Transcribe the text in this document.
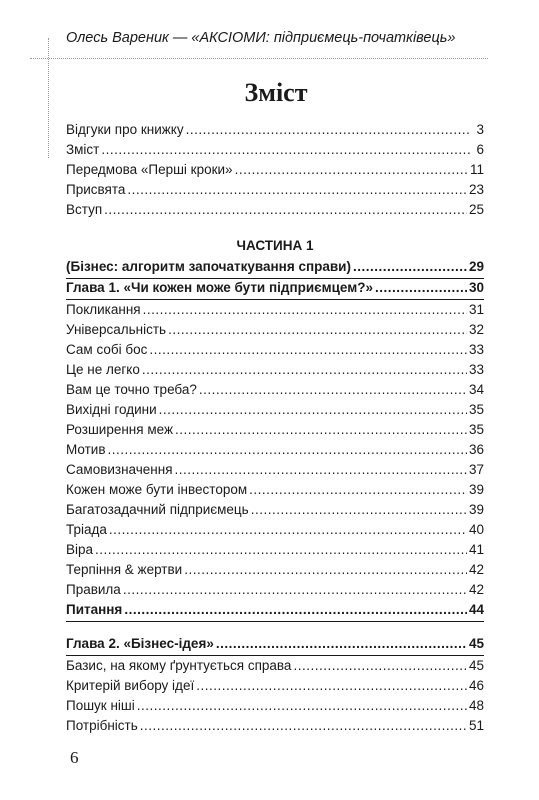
Олесь Вареник — «АКСІОМИ: підприємець-початківець»
Зміст
Відгуки про книжку .....	3
Зміст .....	6
Передмова «Перші кроки» .....	11
Присвята .....	23
Вступ .....	25
ЧАСТИНА 1
(Бізнес: алгоритм започаткування справи) .....	29
Глава 1. «Чи кожен може бути підприємцем?» .....	30
Покликання .....	31
Універсальність .....	32
Сам собі бос .....	33
Це не легко .....	33
Вам це точно треба? .....	34
Вихідні години .....	35
Розширення меж .....	35
Мотив .....	36
Самовизначення .....	37
Кожен може бути інвестором .....	39
Багатозадачний підприємець .....	39
Тріада .....	40
Віра .....	41
Терпіння & жертви .....	42
Правила .....	42
Питання .....	44
Глава 2. «Бізнес-ідея» .....	45
Базис, на якому ґрунтується справа .....	45
Критерій вибору ідеї .....	46
Пошук ніші .....	48
Потрібність .....	51
6
